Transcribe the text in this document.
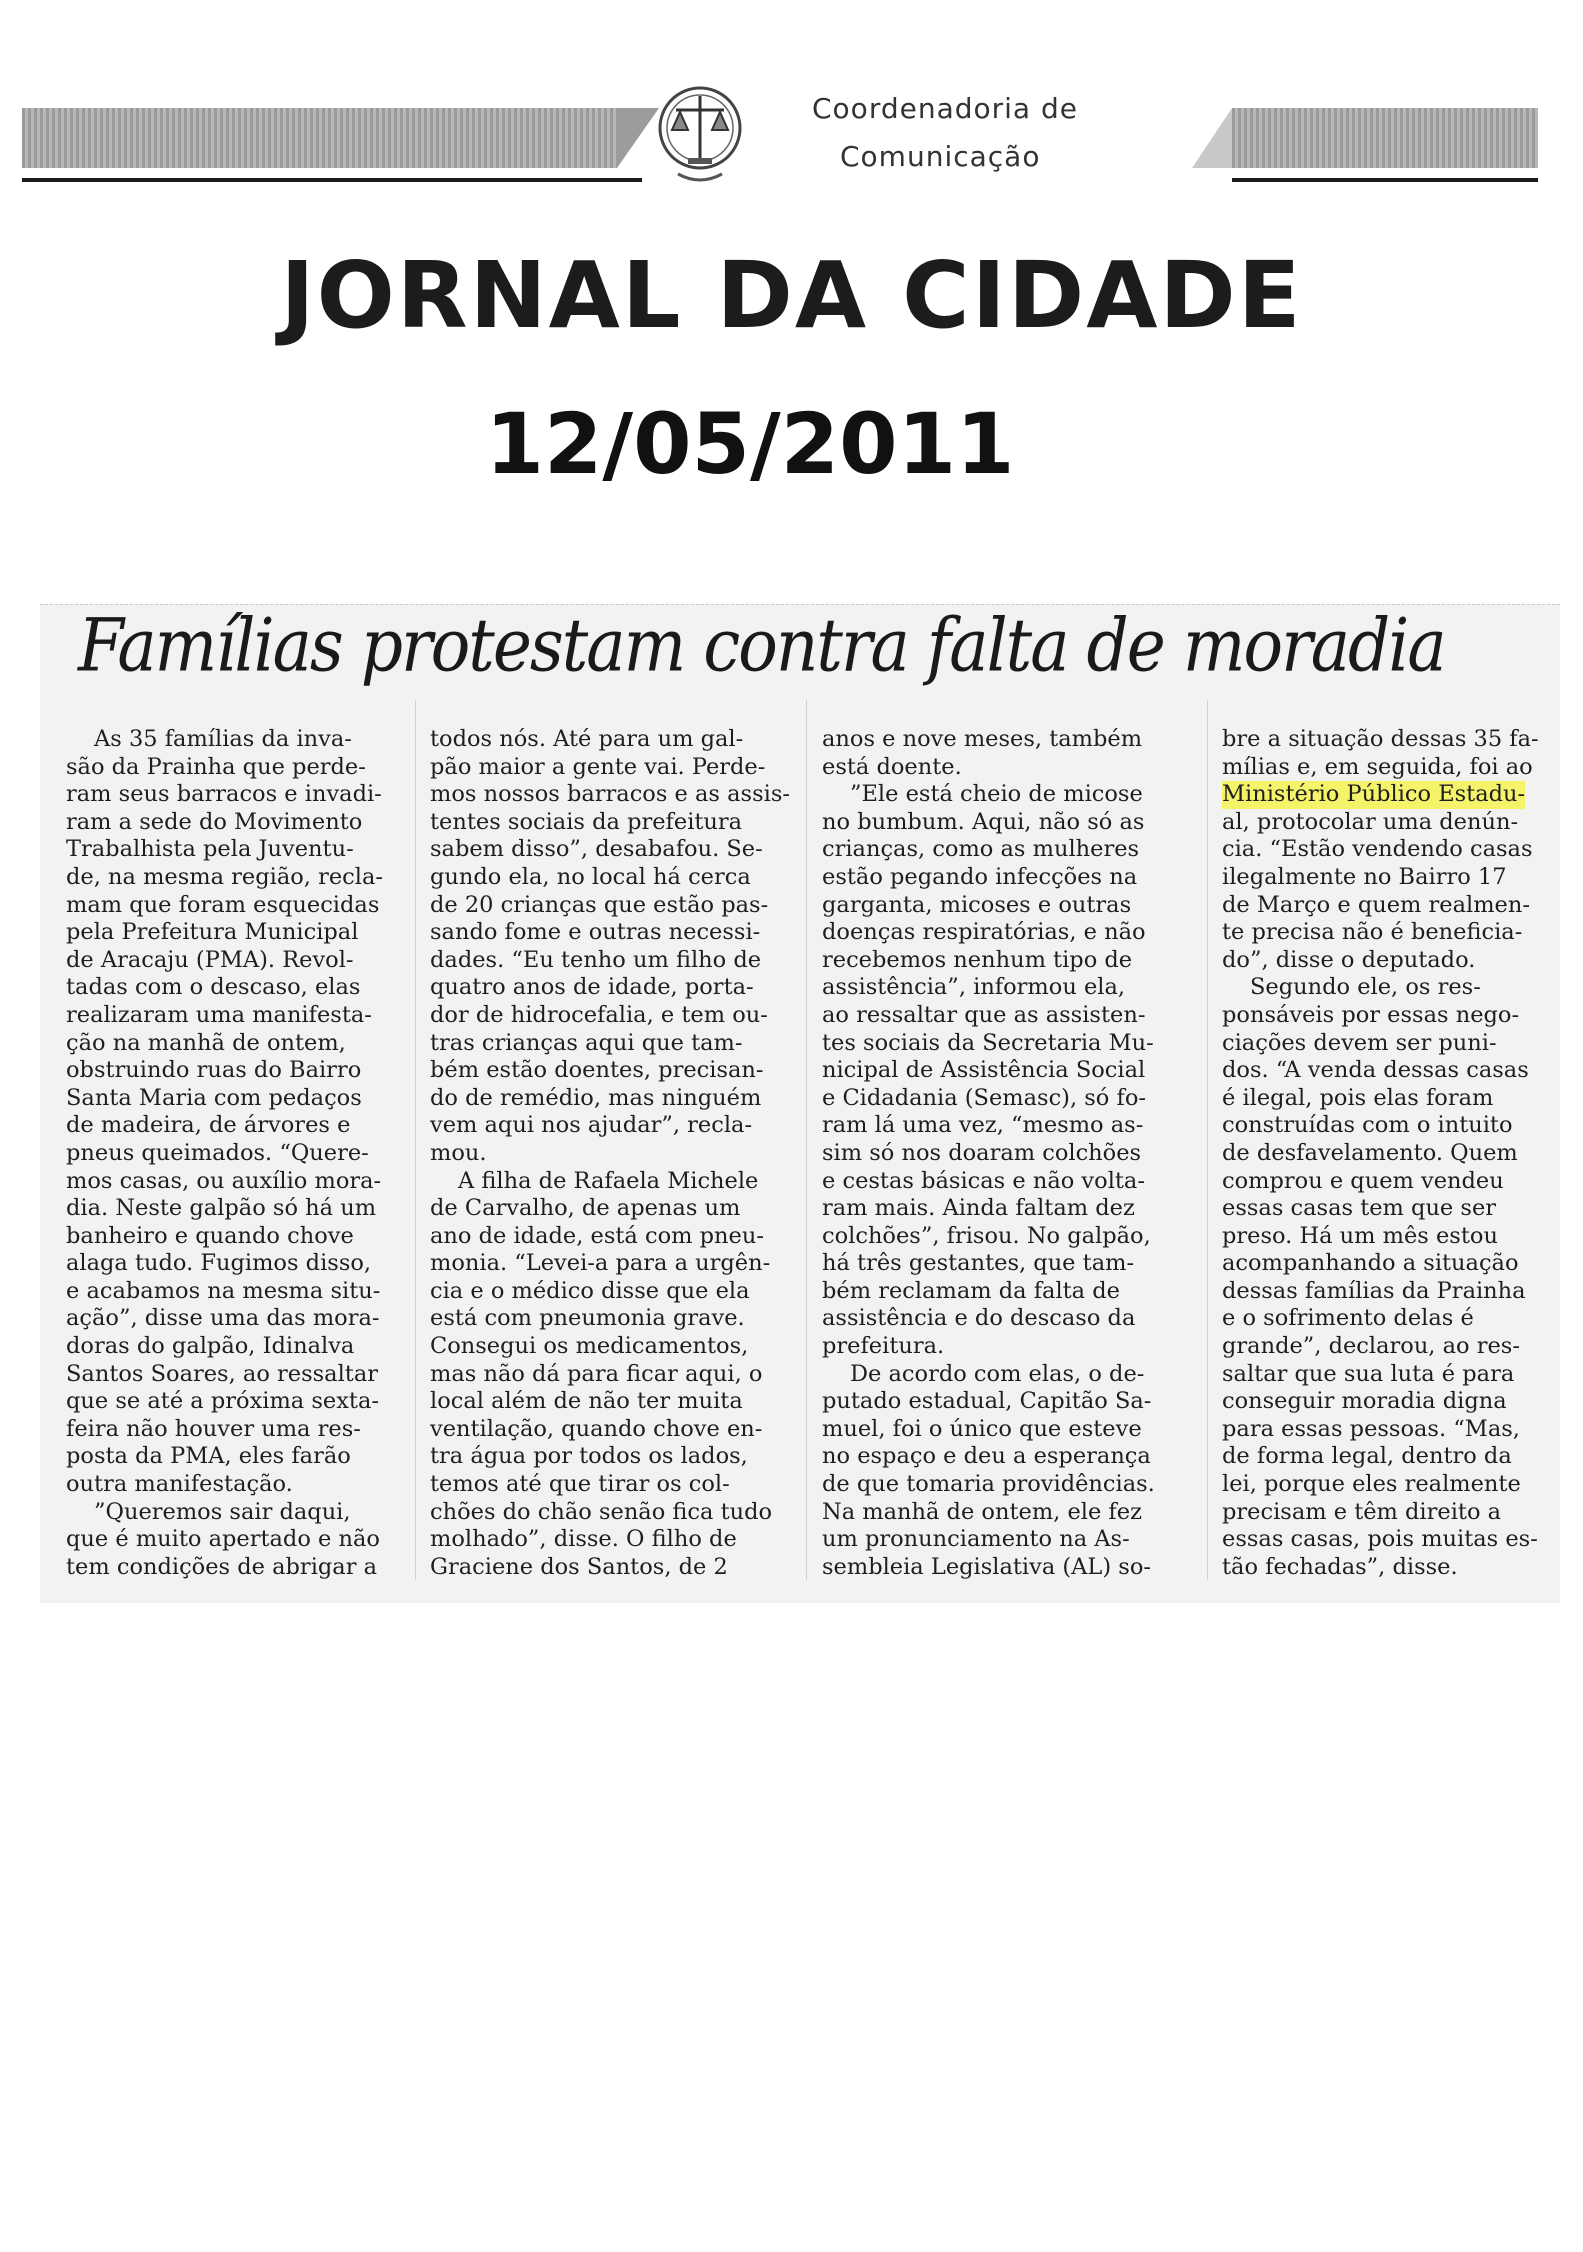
Coordenadoria de
Comunicação
JORNAL DA CIDADE
12/05/2011
Famílias protestam contra falta de moradia
As 35 famílias da inva-
são da Prainha que perde-
ram seus barracos e invadi-
ram a sede do Movimento
Trabalhista pela Juventu-
de, na mesma região, recla-
mam que foram esquecidas
pela Prefeitura Municipal
de Aracaju (PMA). Revol-
tadas com o descaso, elas
realizaram uma manifesta-
ção na manhã de ontem,
obstruindo ruas do Bairro
Santa Maria com pedaços
de madeira, de árvores e
pneus queimados. “Quere-
mos casas, ou auxílio mora-
dia. Neste galpão só há um
banheiro e quando chove
alaga tudo. Fugimos disso,
e acabamos na mesma situ-
ação”, disse uma das mora-
doras do galpão, Idinalva
Santos Soares, ao ressaltar
que se até a próxima sexta-
feira não houver uma res-
posta da PMA, eles farão
outra manifestação.
”Queremos sair daqui,
que é muito apertado e não
tem condições de abrigar a
todos nós. Até para um gal-
pão maior a gente vai. Perde-
mos nossos barracos e as assis-
tentes sociais da prefeitura
sabem disso”, desabafou. Se-
gundo ela, no local há cerca
de 20 crianças que estão pas-
sando fome e outras necessi-
dades. “Eu tenho um filho de
quatro anos de idade, porta-
dor de hidrocefalia, e tem ou-
tras crianças aqui que tam-
bém estão doentes, precisan-
do de remédio, mas ninguém
vem aqui nos ajudar”, recla-
mou.
A filha de Rafaela Michele
de Carvalho, de apenas um
ano de idade, está com pneu-
monia. “Levei-a para a urgên-
cia e o médico disse que ela
está com pneumonia grave.
Consegui os medicamentos,
mas não dá para ficar aqui, o
local além de não ter muita
ventilação, quando chove en-
tra água por todos os lados,
temos até que tirar os col-
chões do chão senão fica tudo
molhado”, disse. O filho de
Graciene dos Santos, de 2
anos e nove meses, também
está doente.
”Ele está cheio de micose
no bumbum. Aqui, não só as
crianças, como as mulheres
estão pegando infecções na
garganta, micoses e outras
doenças respiratórias, e não
recebemos nenhum tipo de
assistência”, informou ela,
ao ressaltar que as assisten-
tes sociais da Secretaria Mu-
nicipal de Assistência Social
e Cidadania (Semasc), só fo-
ram lá uma vez, “mesmo as-
sim só nos doaram colchões
e cestas básicas e não volta-
ram mais. Ainda faltam dez
colchões”, frisou. No galpão,
há três gestantes, que tam-
bém reclamam da falta de
assistência e do descaso da
prefeitura.
De acordo com elas, o de-
putado estadual, Capitão Sa-
muel, foi o único que esteve
no espaço e deu a esperança
de que tomaria providências.
Na manhã de ontem, ele fez
um pronunciamento na As-
sembleia Legislativa (AL) so-
bre a situação dessas 35 fa-
mílias e, em seguida, foi ao
Ministério Público Estadu-
al, protocolar uma denún-
cia. “Estão vendendo casas
ilegalmente no Bairro 17
de Março e quem realmen-
te precisa não é beneficia-
do”, disse o deputado.
Segundo ele, os res-
ponsáveis por essas nego-
ciações devem ser puni-
dos. “A venda dessas casas
é ilegal, pois elas foram
construídas com o intuito
de desfavelamento. Quem
comprou e quem vendeu
essas casas tem que ser
preso. Há um mês estou
acompanhando a situação
dessas famílias da Prainha
e o sofrimento delas é
grande”, declarou, ao res-
saltar que sua luta é para
conseguir moradia digna
para essas pessoas. “Mas,
de forma legal, dentro da
lei, porque eles realmente
precisam e têm direito a
essas casas, pois muitas es-
tão fechadas”, disse.
